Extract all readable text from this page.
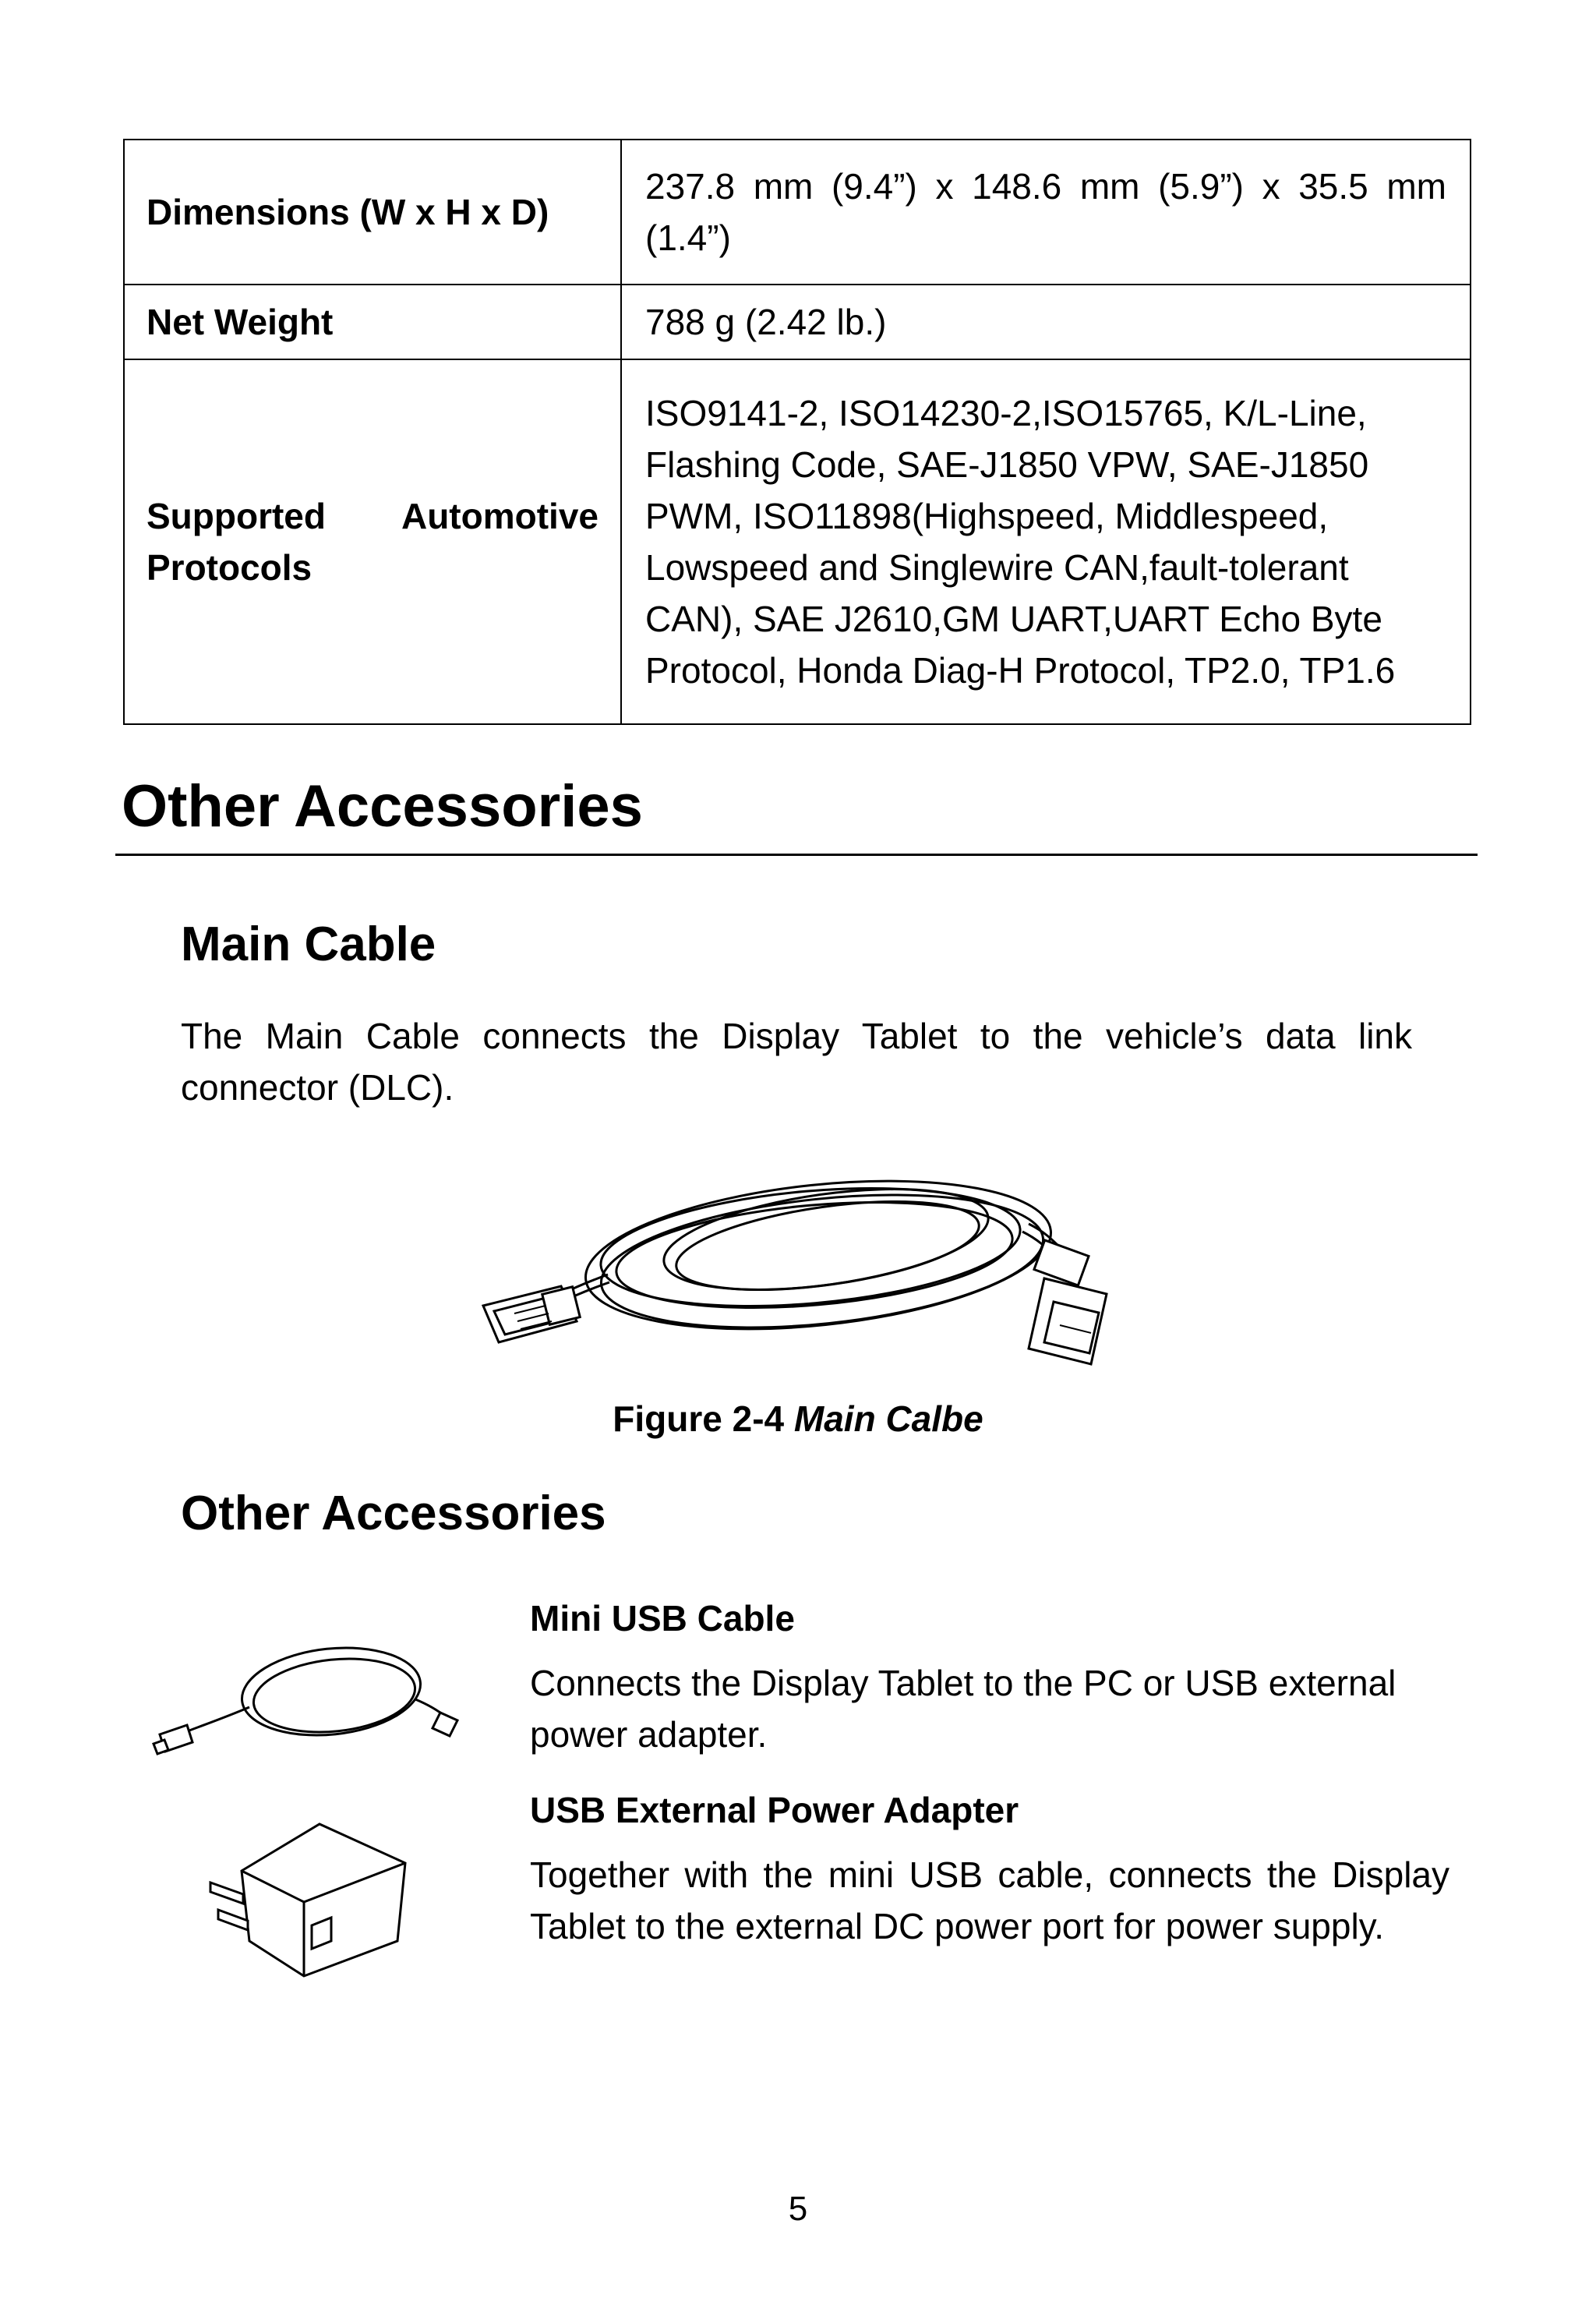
Dimensions (W x H x D)	237.8 mm (9.4”) x 148.6 mm (5.9”) x 35.5 mm (1.4”)
Net Weight	788 g (2.42 lb.)
Supported Automotive Protocols	ISO9141-2, ISO14230-2,ISO15765, K/L-Line, Flashing Code, SAE-J1850 VPW, SAE-J1850 PWM, ISO11898(Highspeed, Middlespeed, Lowspeed and Singlewire CAN,fault-tolerant CAN), SAE J2610,GM UART,UART Echo Byte Protocol, Honda Diag-H Protocol, TP2.0, TP1.6
Other Accessories
Main Cable

The Main Cable connects the Display Tablet to the vehicle’s data link connector (DLC).

Figure 2-4 Main Calbe

Other Accessories
Mini USB Cable

Connects the Display Tablet to the PC or USB external power adapter.

USB External Power Adapter

Together with the mini USB cable, connects the Display Tablet to the external DC power port for power supply.

5
